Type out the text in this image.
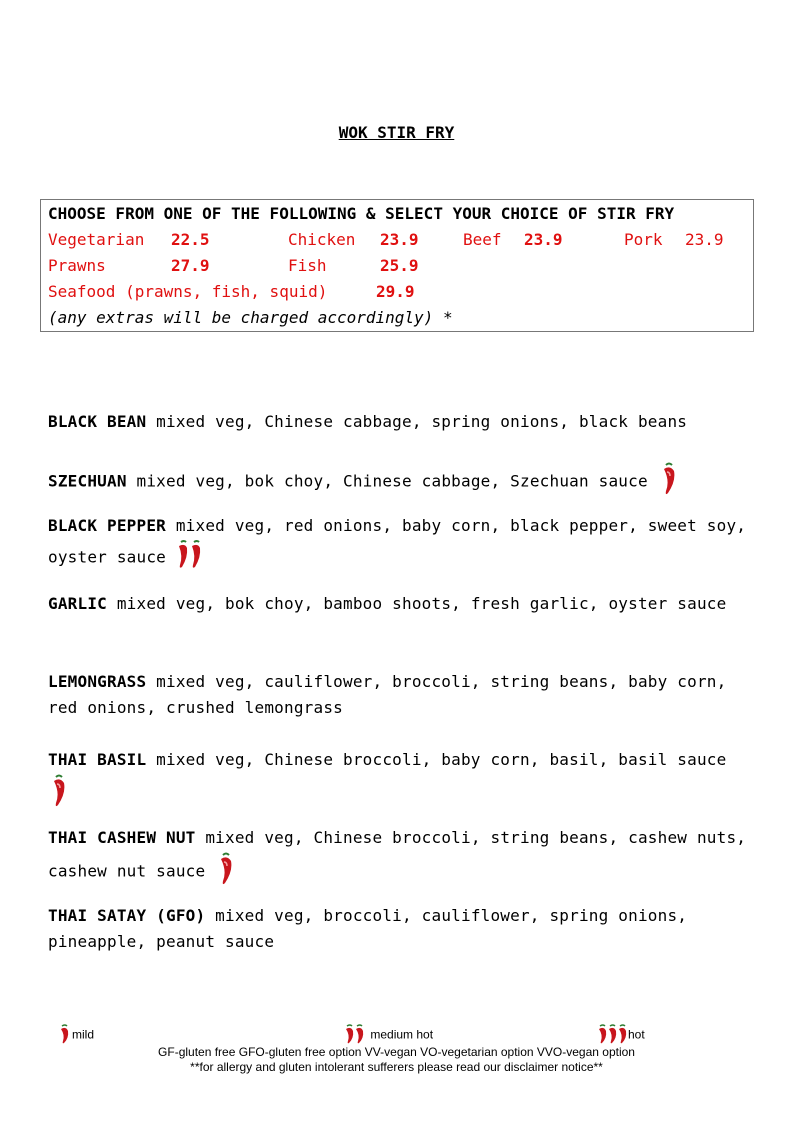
WOK STIR FRY
CHOOSE FROM ONE OF THE FOLLOWING & SELECT YOUR CHOICE OF STIR FRY
Vegetarian 22.5	Chicken 23.9	Beef 23.9	Pork 23.9
Prawns	27.9	Fish	25.9
Seafood (prawns, fish, squid)	29.9
(any extras will be charged accordingly) *
BLACK BEAN mixed veg, Chinese cabbage, spring onions, black beans
SZECHUAN mixed veg, bok choy, Chinese cabbage, Szechuan sauce
BLACK PEPPER mixed veg, red onions, baby corn, black pepper, sweet soy, oyster sauce
GARLIC mixed veg, bok choy, bamboo shoots, fresh garlic, oyster sauce
LEMONGRASS mixed veg, cauliflower, broccoli, string beans, baby corn, red onions, crushed lemongrass
THAI BASIL mixed veg, Chinese broccoli, baby corn, basil, basil sauce
THAI CASHEW NUT mixed veg, Chinese broccoli, string beans, cashew nuts, cashew nut sauce
THAI SATAY (GFO) mixed veg, broccoli, cauliflower, spring onions, pineapple, peanut sauce
mild	medium hot	hot
GF-gluten free GFO-gluten free option VV-vegan VO-vegetarian option VVO-vegan option
**for allergy and gluten intolerant sufferers please read our disclaimer notice**
